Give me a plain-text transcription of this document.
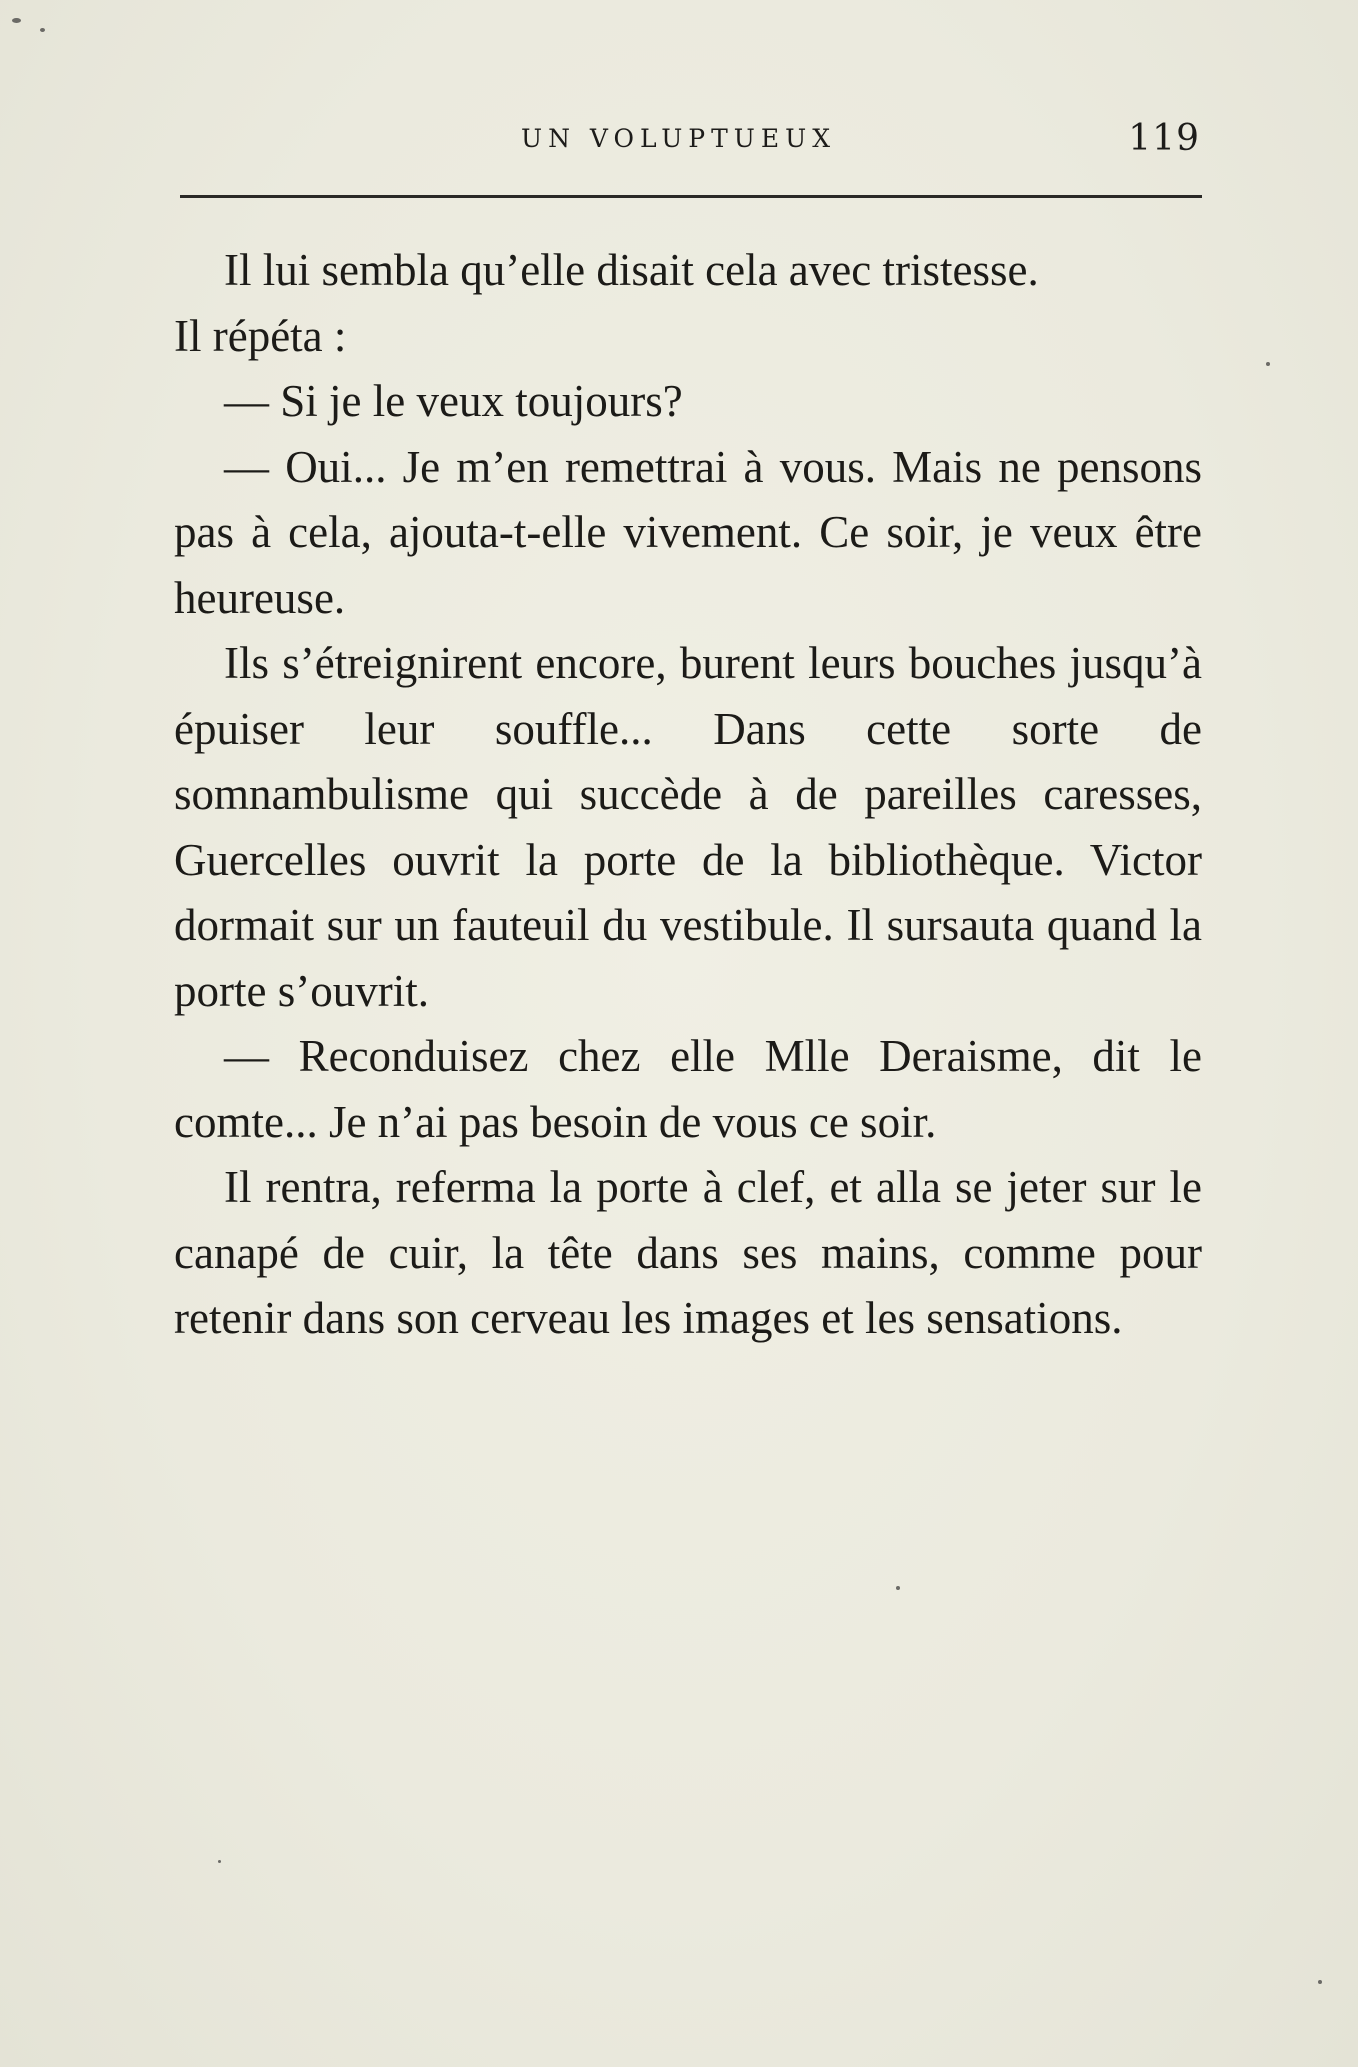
UN VOLUPTUEUX	119

Il lui sembla qu’elle disait cela avec tristesse.

Il répéta :

— Si je le veux toujours?

— Oui... Je m’en remettrai à vous. Mais ne pensons pas à cela, ajouta-t-elle vivement. Ce soir, je veux être heureuse.

Ils s’étreignirent encore, burent leurs bouches jusqu’à épuiser leur souffle... Dans cette sorte de somnambulisme qui succède à de pareilles caresses, Guercelles ouvrit la porte de la bibliothèque. Victor dormait sur un fauteuil du vestibule. Il sursauta quand la porte s’ouvrit.

— Reconduisez chez elle Mlle Deraisme, dit le comte... Je n’ai pas besoin de vous ce soir.

Il rentra, referma la porte à clef, et alla se jeter sur le canapé de cuir, la tête dans ses mains, comme pour retenir dans son cerveau les images et les sensations.
